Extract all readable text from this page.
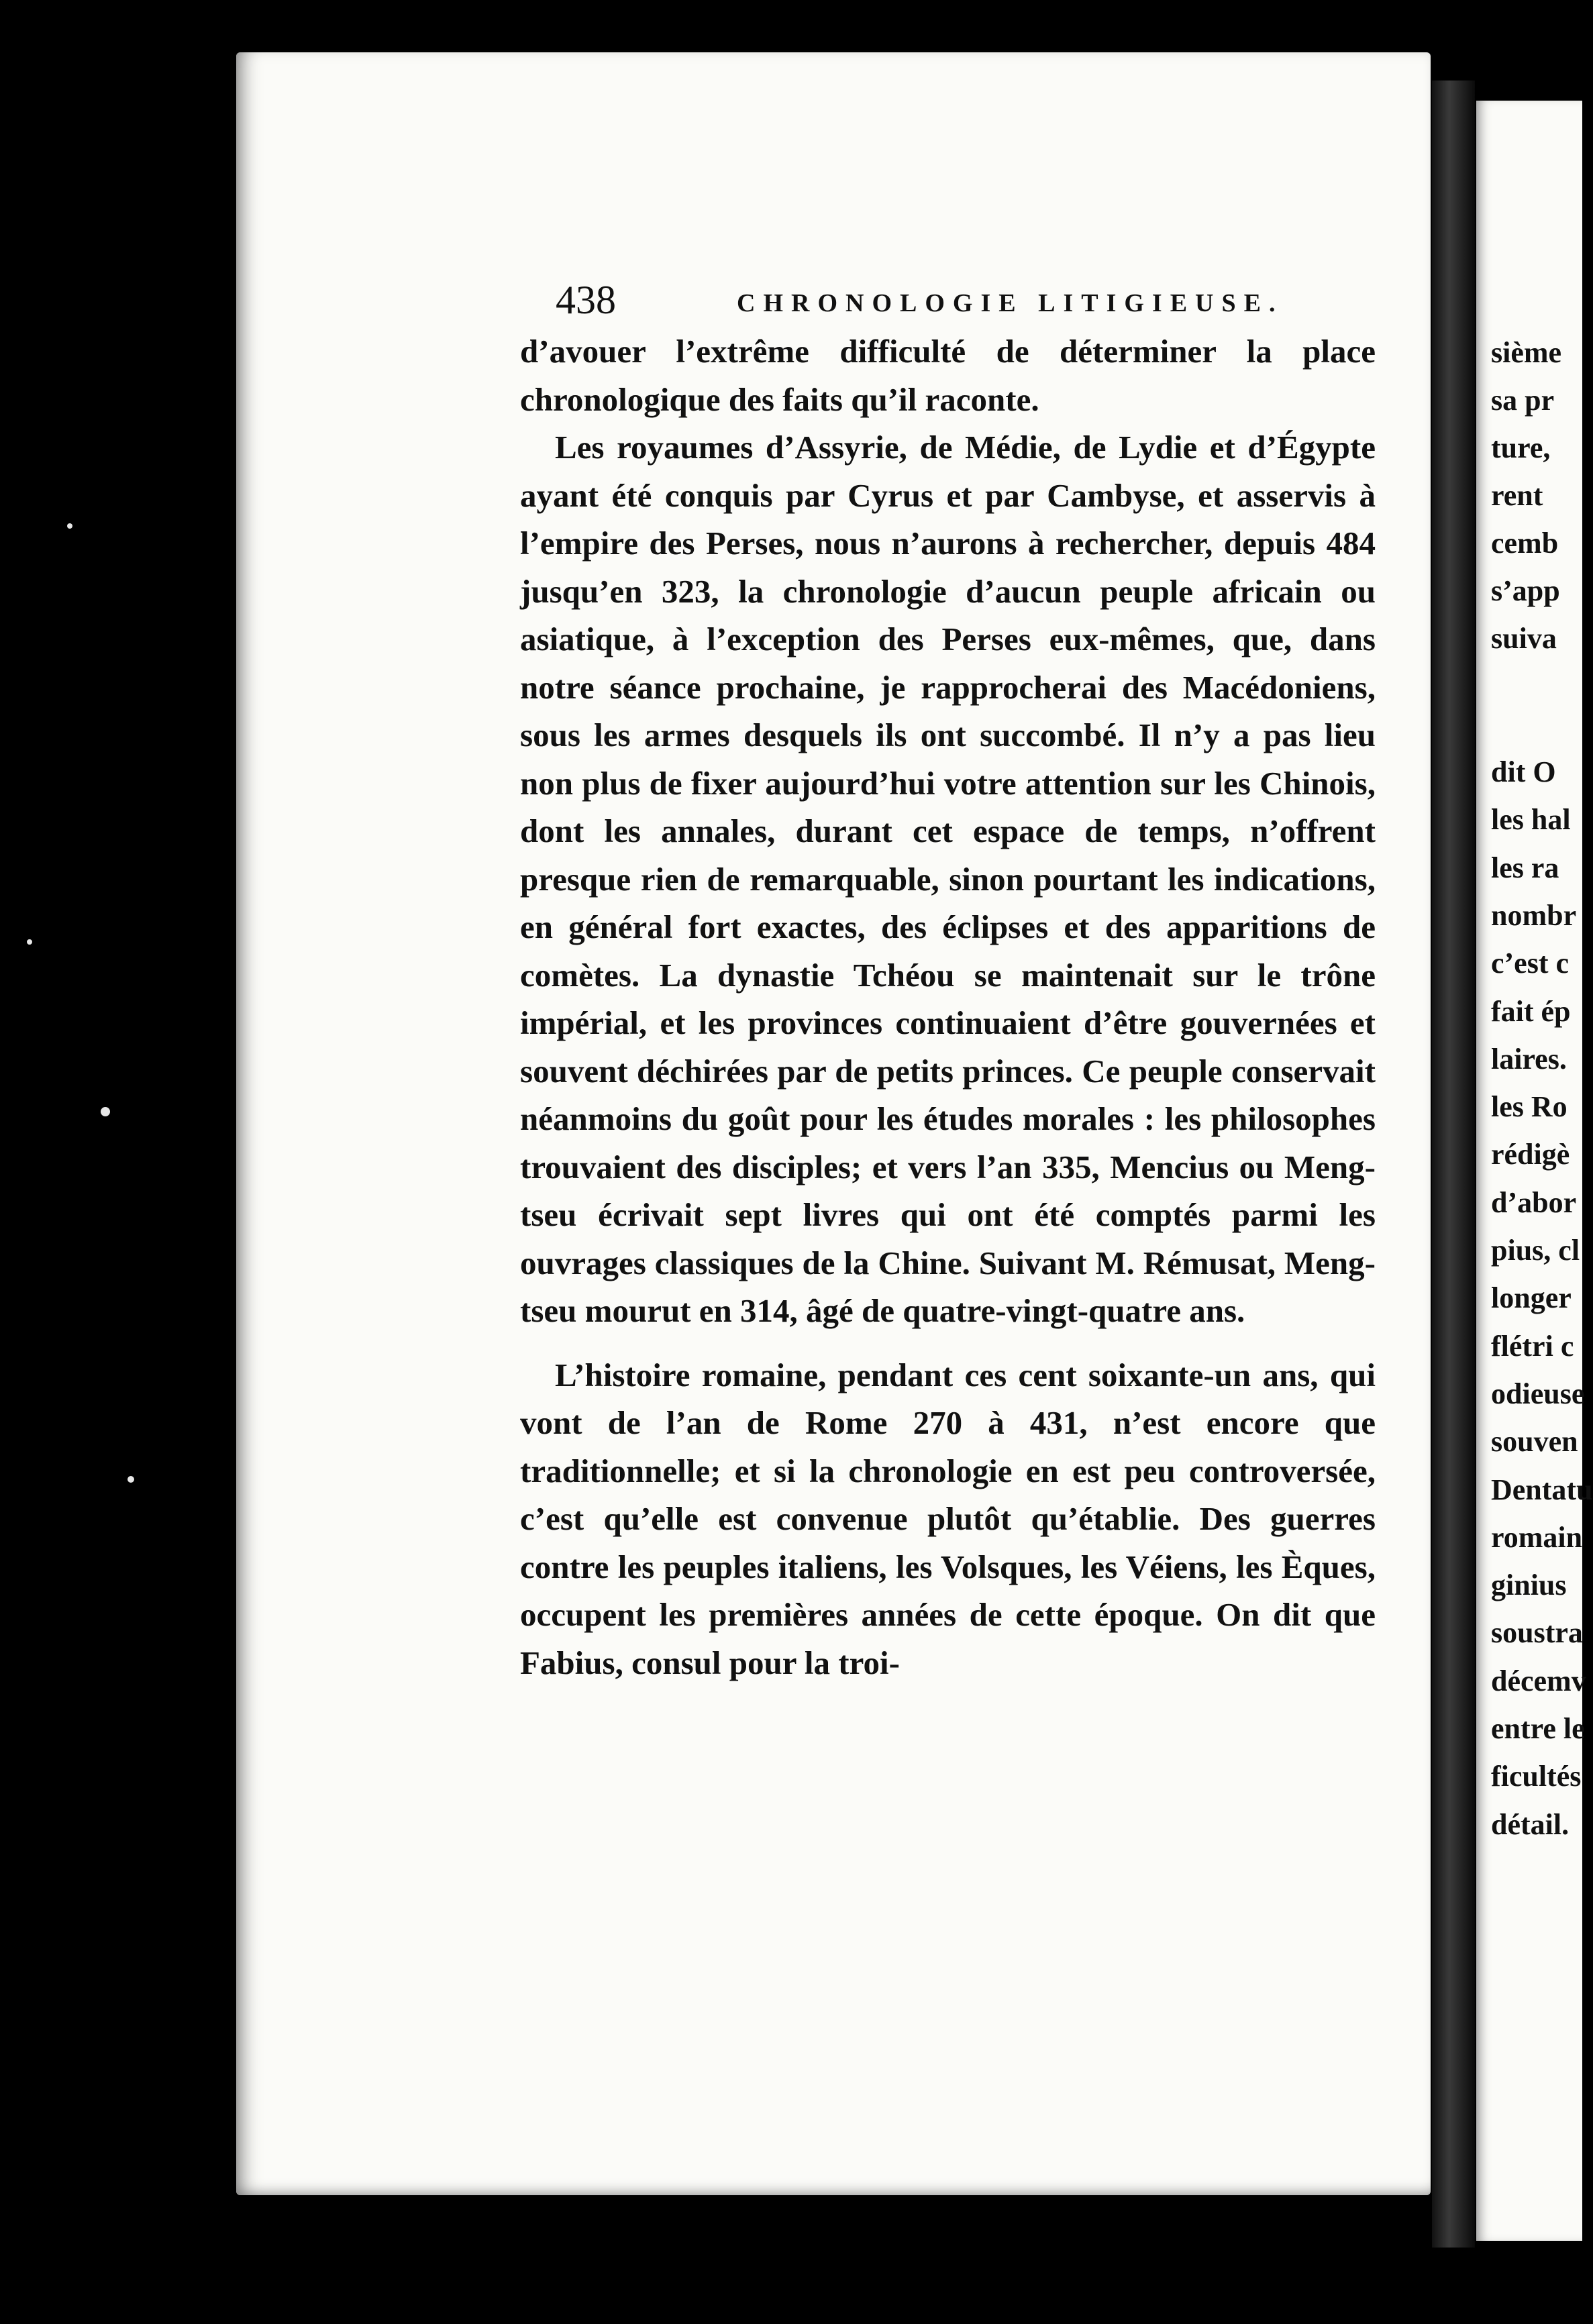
438	CHRONOLOGIE LITIGIEUSE.

d’avouer l’extrême difficulté de déterminer la place chronologique des faits qu’il raconte.

Les royaumes d’Assyrie, de Médie, de Lydie et d’Égypte ayant été conquis par Cyrus et par Cambyse, et asservis à l’empire des Perses, nous n’aurons à rechercher, depuis 484 jusqu’en 323, la chronologie d’aucun peuple africain ou asiatique, à l’exception des Perses eux-mêmes, que, dans notre séance prochaine, je rapprocherai des Macédoniens, sous les armes desquels ils ont succombé. Il n’y a pas lieu non plus de fixer aujourd’hui votre attention sur les Chinois, dont les annales, durant cet espace de temps, n’offrent presque rien de remarquable, sinon pourtant les indications, en général fort exactes, des éclipses et des apparitions de comètes. La dynastie Tchéou se maintenait sur le trône impérial, et les provinces continuaient d’être gouvernées et souvent déchirées par de petits princes. Ce peuple conservait néanmoins du goût pour les études morales : les philosophes trouvaient des disciples; et vers l’an 335, Mencius ou Meng-tseu écrivait sept livres qui ont été comptés parmi les ouvrages classiques de la Chine. Suivant M. Rémusat, Meng-tseu mourut en 314, âgé de quatre-vingt-quatre ans.

L’histoire romaine, pendant ces cent soixante-un ans, qui vont de l’an de Rome 270 à 431, n’est encore que traditionnelle; et si la chronologie en est peu controversée, c’est qu’elle est convenue plutôt qu’établie. Des guerres contre les peuples italiens, les Volsques, les Véiens, les Èques, occupent les premières années de cette époque. On dit que Fabius, consul pour la troi-

sième
sa pr
ture,
rent
cemb
s’app
suiva
dit O
les hal
les ra
nombr
c’est c
fait ép
laires.
les Ro
rédigè
d’abor
pius, cl
longer
flétri c
odieuse
souven
Dentatu
romain
ginius
soustra
décemv
entre le
ficultés
détail.
